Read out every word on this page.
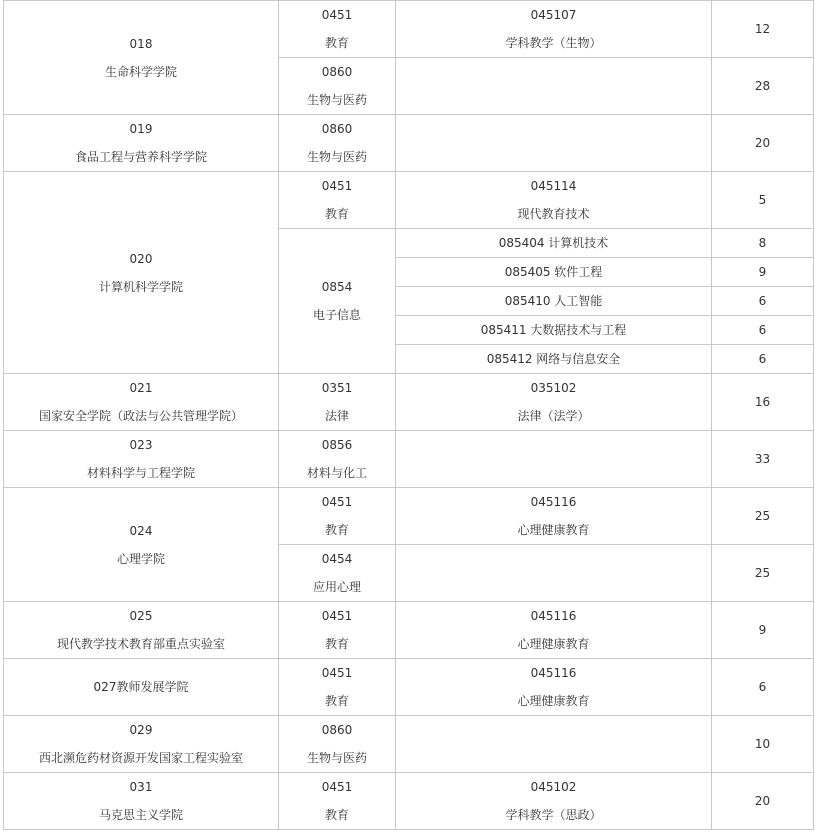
018
生命科学学院	0451
教育	045107
学科教学（生物）	12

	0860
生物与医药		28

019
食品工程与营养科学学院	0860
生物与医药		20

020
计算机科学学院	0451
教育	045114
现代教育技术	5

	0854
电子信息	085404 计算机技术	8
		085405 软件工程	9
		085410 人工智能	6
		085411 大数据技术与工程	6
		085412 网络与信息安全	6

021
国家安全学院（政法与公共管理学院）	0351
法律	035102
法律（法学）	16

023
材料科学与工程学院	0856
材料与化工		33

024
心理学院	0451
教育	045116
心理健康教育	25

	0454
应用心理		25

025
现代教学技术教育部重点实验室	0451
教育	045116
心理健康教育	9

027教师发展学院	0451
教育	045116
心理健康教育	6

029
西北濒危药材资源开发国家工程实验室	0860
生物与医药		10

031
马克思主义学院	0451
教育	045102
学科教学（思政）	20
